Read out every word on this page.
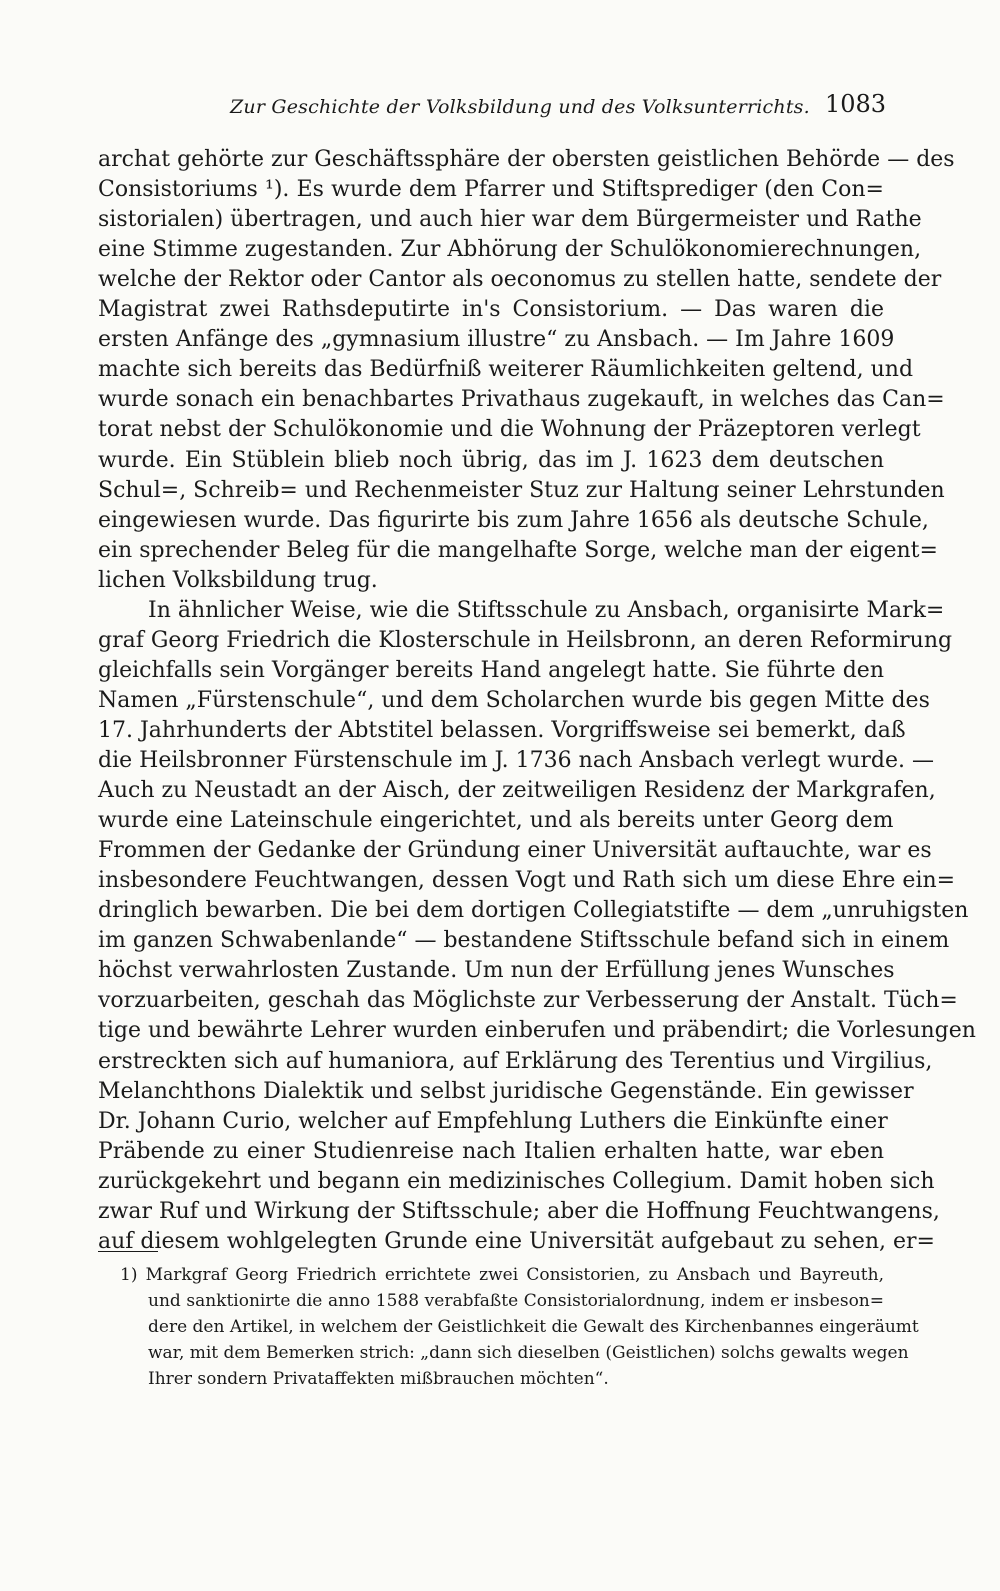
Zur Geschichte der Volksbildung und des Volksunterrichts. 1083
archat gehörte zur Geschäftssphäre der obersten geistlichen Behörde — des
Consistoriums ¹). Es wurde dem Pfarrer und Stiftsprediger (den Con=
sistorialen) übertragen, und auch hier war dem Bürgermeister und Rathe
eine Stimme zugestanden. Zur Abhörung der Schulökonomierechnungen,
welche der Rektor oder Cantor als oeconomus zu stellen hatte, sendete der
Magistrat zwei Rathsdeputirte in's Consistorium. — Das waren die
ersten Anfänge des „gymnasium illustre“ zu Ansbach. — Im Jahre 1609
machte sich bereits das Bedürfniß weiterer Räumlichkeiten geltend, und
wurde sonach ein benachbartes Privathaus zugekauft, in welches das Can=
torat nebst der Schulökonomie und die Wohnung der Präzeptoren verlegt
wurde. Ein Stüblein blieb noch übrig, das im J. 1623 dem deutschen
Schul=, Schreib= und Rechenmeister Stuz zur Haltung seiner Lehrstunden
eingewiesen wurde. Das figurirte bis zum Jahre 1656 als deutsche Schule,
ein sprechender Beleg für die mangelhafte Sorge, welche man der eigent=
lichen Volksbildung trug.
In ähnlicher Weise, wie die Stiftsschule zu Ansbach, organisirte Mark=
graf Georg Friedrich die Klosterschule in Heilsbronn, an deren Reformirung
gleichfalls sein Vorgänger bereits Hand angelegt hatte. Sie führte den
Namen „Fürstenschule“, und dem Scholarchen wurde bis gegen Mitte des
17. Jahrhunderts der Abtstitel belassen. Vorgriffsweise sei bemerkt, daß
die Heilsbronner Fürstenschule im J. 1736 nach Ansbach verlegt wurde. —
Auch zu Neustadt an der Aisch, der zeitweiligen Residenz der Markgrafen,
wurde eine Lateinschule eingerichtet, und als bereits unter Georg dem
Frommen der Gedanke der Gründung einer Universität auftauchte, war es
insbesondere Feuchtwangen, dessen Vogt und Rath sich um diese Ehre ein=
dringlich bewarben. Die bei dem dortigen Collegiatstifte — dem „unruhigsten
im ganzen Schwabenlande“ — bestandene Stiftsschule befand sich in einem
höchst verwahrlosten Zustande. Um nun der Erfüllung jenes Wunsches
vorzuarbeiten, geschah das Möglichste zur Verbesserung der Anstalt. Tüch=
tige und bewährte Lehrer wurden einberufen und präbendirt; die Vorlesungen
erstreckten sich auf humaniora, auf Erklärung des Terentius und Virgilius,
Melanchthons Dialektik und selbst juridische Gegenstände. Ein gewisser
Dr. Johann Curio, welcher auf Empfehlung Luthers die Einkünfte einer
Präbende zu einer Studienreise nach Italien erhalten hatte, war eben
zurückgekehrt und begann ein medizinisches Collegium. Damit hoben sich
zwar Ruf und Wirkung der Stiftsschule; aber die Hoffnung Feuchtwangens,
auf diesem wohlgelegten Grunde eine Universität aufgebaut zu sehen, er=
1) Markgraf Georg Friedrich errichtete zwei Consistorien, zu Ansbach und Bayreuth,
und sanktionirte die anno 1588 verabfaßte Consistorialordnung, indem er insbeson=
dere den Artikel, in welchem der Geistlichkeit die Gewalt des Kirchenbannes eingeräumt
war, mit dem Bemerken strich: „dann sich dieselben (Geistlichen) solchs gewalts wegen
Ihrer sondern Privataffekten mißbrauchen möchten“.
